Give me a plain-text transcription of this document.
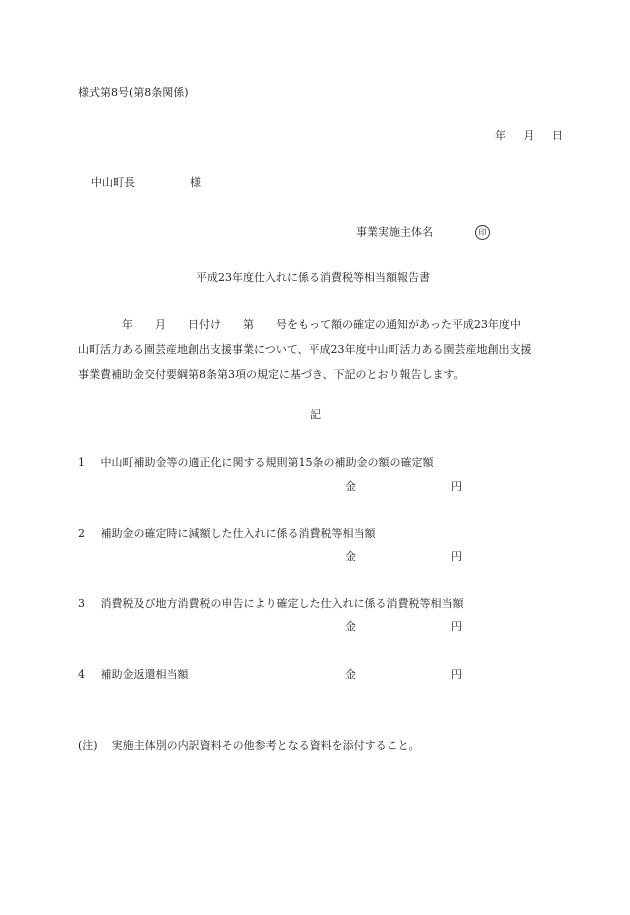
様式第8号(第8条関係)
年 月 日
中山町長	様
事業実施主体名	印
平成23年度仕入れに係る消費税等相当額報告書
　　　　年　　月　　日付け　　第　　号をもって額の確定の通知があった平成23年度中
山町活力ある園芸産地創出支援事業について、平成23年度中山町活力ある園芸産地創出支援
事業費補助金交付要綱第8条第3項の規定に基づき、下記のとおり報告します。
記
1 中山町補助金等の適正化に関する規則第15条の補助金の額の確定額
金	円
2 補助金の確定時に減額した仕入れに係る消費税等相当額
金	円
3 消費税及び地方消費税の申告により確定した仕入れに係る消費税等相当額
金	円
4 補助金返還相当額	金	円
(注) 実施主体別の内訳資料その他参考となる資料を添付すること。
